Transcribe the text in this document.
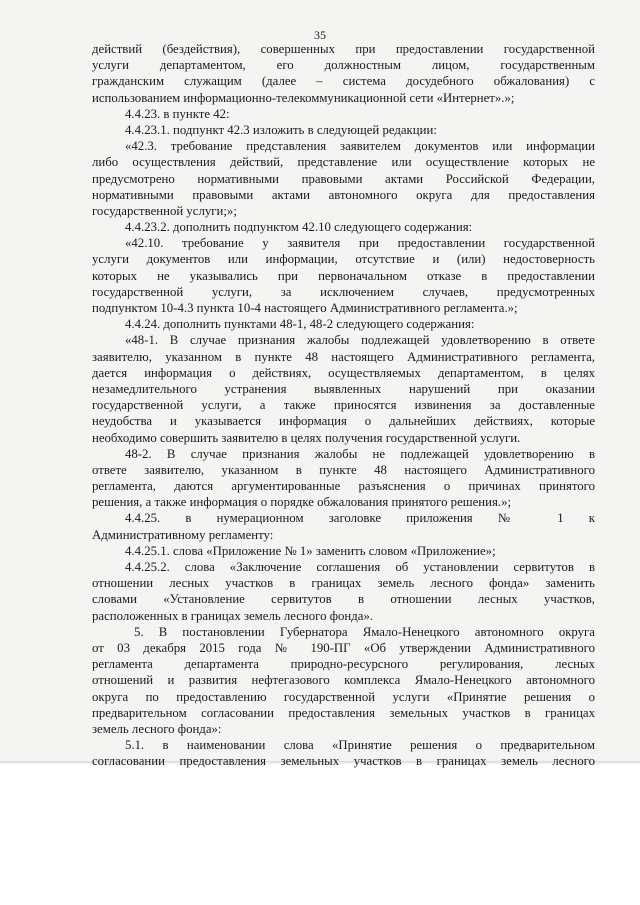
35
действий (бездействия), совершенных при предоставлении государственной
услуги департаментом, его должностным лицом, государственным
гражданским служащим (далее – система досудебного обжалования) с
использованием информационно-телекоммуникационной сети «Интернет».»;
4.4.23. в пункте 42:
4.4.23.1. подпункт 42.3 изложить в следующей редакции:
«42.3. требование представления заявителем документов или информации
либо осуществления действий, представление или осуществление которых не
предусмотрено нормативными правовыми актами Российской Федерации,
нормативными правовыми актами автономного округа для предоставления
государственной услуги;»;
4.4.23.2. дополнить подпунктом 42.10 следующего содержания:
«42.10. требование у заявителя при предоставлении государственной
услуги документов или информации, отсутствие и (или) недостоверность
которых не указывались при первоначальном отказе в предоставлении
государственной услуги, за исключением случаев, предусмотренных
подпунктом 10-4.3 пункта 10-4 настоящего Административного регламента.»;
4.4.24. дополнить пунктами 48-1, 48-2 следующего содержания:
«48-1. В случае признания жалобы подлежащей удовлетворению в ответе
заявителю, указанном в пункте 48 настоящего Административного регламента,
дается информация о действиях, осуществляемых департаментом, в целях
незамедлительного устранения выявленных нарушений при оказании
государственной услуги, а также приносятся извинения за доставленные
неудобства и указывается информация о дальнейших действиях, которые
необходимо совершить заявителю в целях получения государственной услуги.
48-2. В случае признания жалобы не подлежащей удовлетворению в
ответе заявителю, указанном в пункте 48 настоящего Административного
регламента, даются аргументированные разъяснения о причинах принятого
решения, а также информация о порядке обжалования принятого решения.»;
4.4.25. в нумерационном заголовке приложения № 1 к
Административному регламенту:
4.4.25.1. слова «Приложение № 1» заменить словом «Приложение»;
4.4.25.2. слова «Заключение соглашения об установлении сервитутов в
отношении лесных участков в границах земель лесного фонда» заменить
словами «Установление сервитутов в отношении лесных участков,
расположенных в границах земель лесного фонда».
5. В постановлении Губернатора Ямало-Ненецкого автономного округа
от 03 декабря 2015 года № 190-ПГ «Об утверждении Административного
регламента департамента природно-ресурсного регулирования, лесных
отношений и развития нефтегазового комплекса Ямало-Ненецкого автономного
округа по предоставлению государственной услуги «Принятие решения о
предварительном согласовании предоставления земельных участков в границах
земель лесного фонда»:
5.1. в наименовании слова «Принятие решения о предварительном
согласовании предоставления земельных участков в границах земель лесного
